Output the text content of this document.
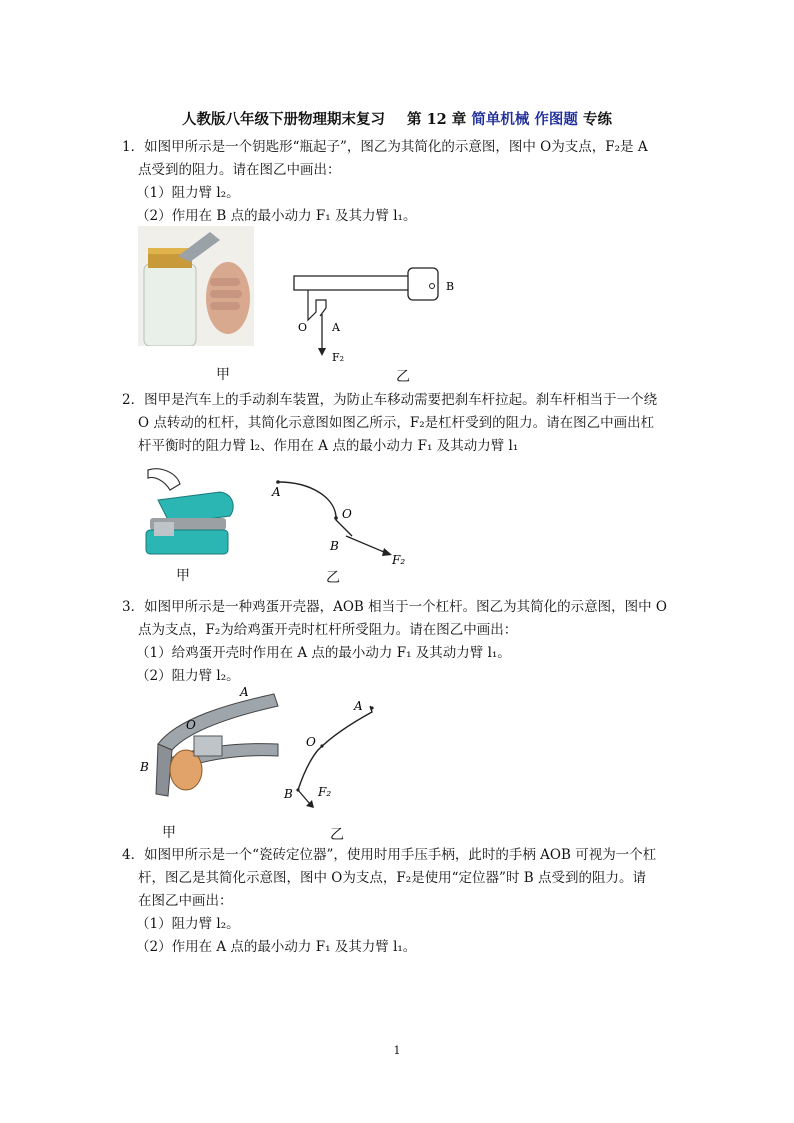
人教版八年级下册物理期末复习 第 12 章 简单机械 作图题 专练

1．如图甲所示是一个钥匙形“瓶起子”，图乙为其简化的示意图，图中 O为支点，F₂是 A

点受到的阻力。请在图乙中画出：

（1）阻力臂 l₂。

（2）作用在 B 点的最小动力 F₁ 及其力臂 l₁。

甲
O A
B
F₂
乙

2．图甲是汽车上的手动刹车装置，为防止车移动需要把刹车杆拉起。刹车杆相当于一个绕

O 点转动的杠杆，其简化示意图如图乙所示，F₂是杠杆受到的阻力。请在图乙中画出杠

杆平衡时的阻力臂 l₂、作用在 A 点的最小动力 F₁ 及其动力臂 l₁

甲
A
O
B
F₂
乙

3．如图甲所示是一种鸡蛋开壳器，AOB 相当于一个杠杆。图乙为其简化的示意图，图中 O

点为支点，F₂为给鸡蛋开壳时杠杆所受阻力。请在图乙中画出：

（1）给鸡蛋开壳时作用在 A 点的最小动力 F₁ 及其动力臂 l₁。

（2）阻力臂 l₂。

A
O
B
甲
A
O
B F₂
乙

4．如图甲所示是一个“瓷砖定位器”，使用时用手压手柄，此时的手柄 AOB 可视为一个杠

杆，图乙是其简化示意图，图中 O为支点，F₂是使用“定位器”时 B 点受到的阻力。请

在图乙中画出：

（1）阻力臂 l₂。

（2）作用在 A 点的最小动力 F₁ 及其力臂 l₁。

1
